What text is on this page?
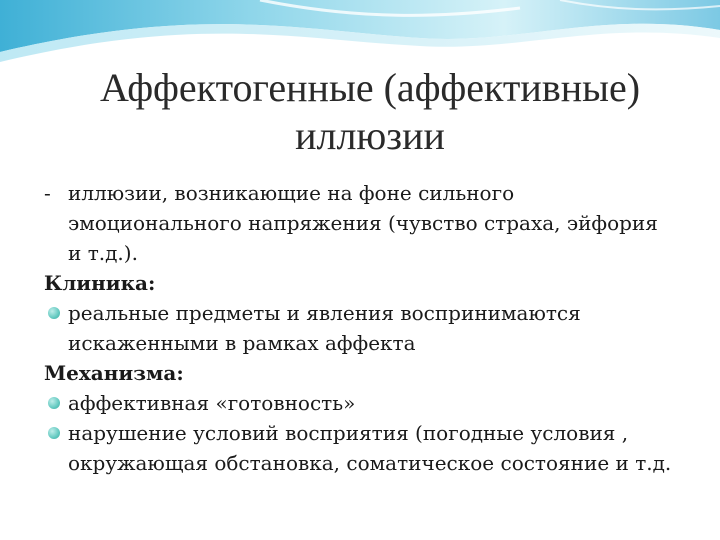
Аффектогенные (аффективные)
иллюзии

- иллюзии, возникающие на фоне сильного
эмоционального напряжения (чувство страха, эйфория
и т.д.).

Клиника:

реальные предметы и явления воспринимаются
искаженными в рамках аффекта

Механизма:

аффективная «готовность»
нарушение условий восприятия (погодные условия ,
окружающая обстановка, соматическое состояние и т.д.
